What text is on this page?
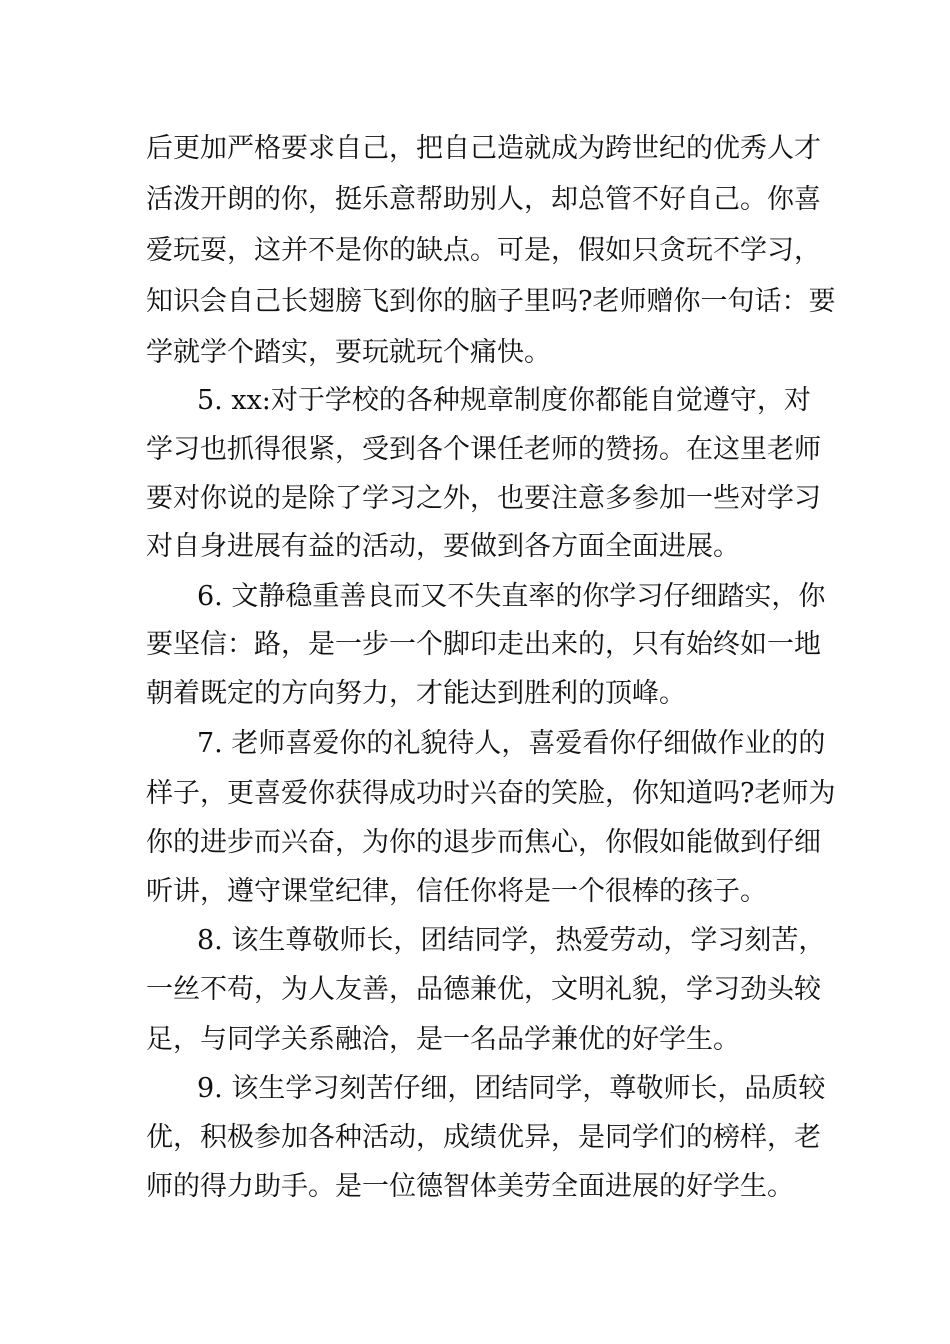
后更加严格要求自己，把自己造就成为跨世纪的优秀人才
活泼开朗的你，挺乐意帮助别人，却总管不好自己。你喜
爱玩耍，这并不是你的缺点。可是，假如只贪玩不学习，
知识会自己长翅膀飞到你的脑子里吗?老师赠你一句话：要
学就学个踏实，要玩就玩个痛快。
5. xx:对于学校的各种规章制度你都能自觉遵守，对
学习也抓得很紧，受到各个课任老师的赞扬。在这里老师
要对你说的是除了学习之外，也要注意多参加一些对学习
对自身进展有益的活动，要做到各方面全面进展。
6. 文静稳重善良而又不失直率的你学习仔细踏实，你
要坚信：路，是一步一个脚印走出来的，只有始终如一地
朝着既定的方向努力，才能达到胜利的顶峰。
7. 老师喜爱你的礼貌待人，喜爱看你仔细做作业的的
样子，更喜爱你获得成功时兴奋的笑脸，你知道吗?老师为
你的进步而兴奋，为你的退步而焦心，你假如能做到仔细
听讲，遵守课堂纪律，信任你将是一个很棒的孩子。
8. 该生尊敬师长，团结同学，热爱劳动，学习刻苦，
一丝不苟，为人友善，品德兼优，文明礼貌，学习劲头较
足，与同学关系融洽，是一名品学兼优的好学生。
9. 该生学习刻苦仔细，团结同学，尊敬师长，品质较
优，积极参加各种活动，成绩优异，是同学们的榜样，老
师的得力助手。是一位德智体美劳全面进展的好学生。
